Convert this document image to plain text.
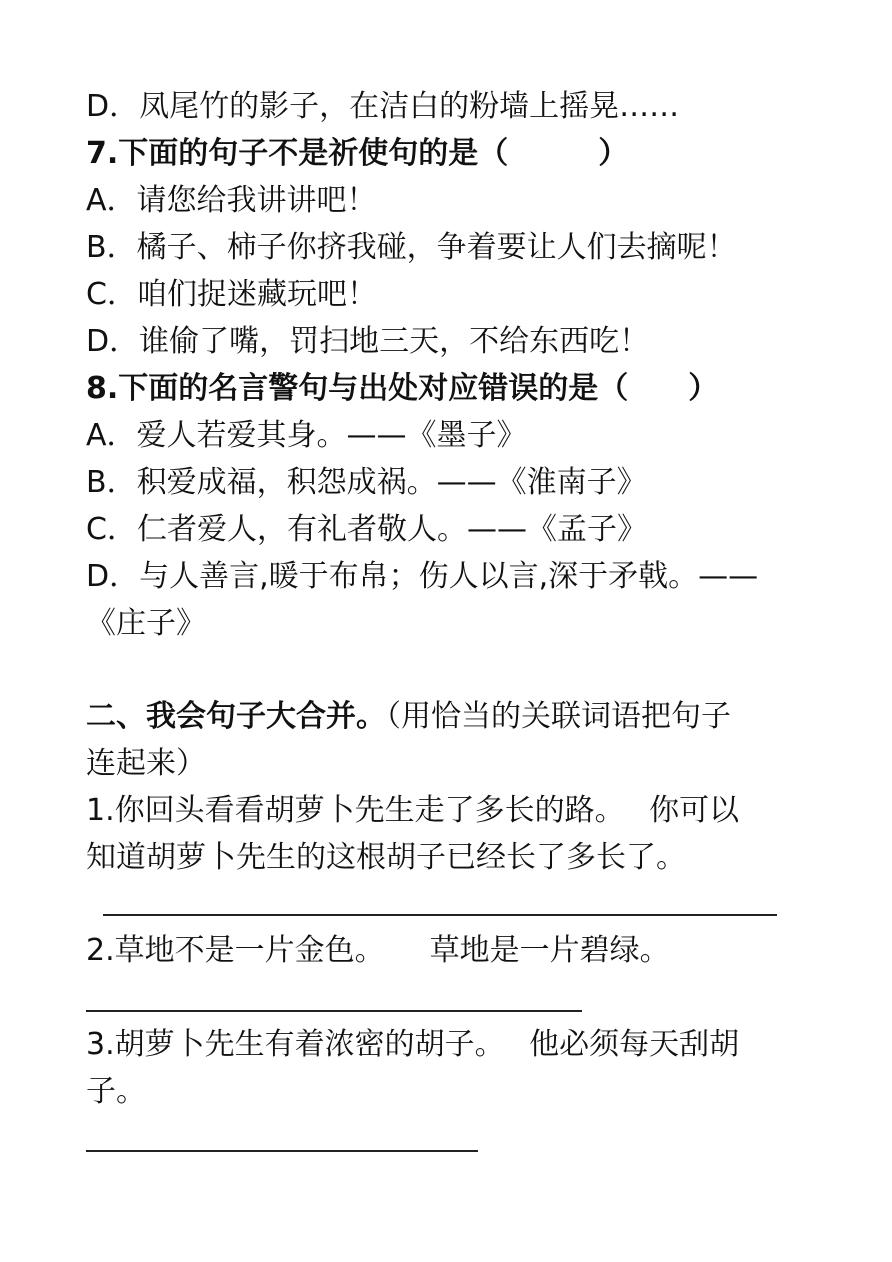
D．凤尾竹的影子，在洁白的粉墙上摇晃……
7.下面的句子不是祈使句的是（　　　）
A．请您给我讲讲吧！
B．橘子、柿子你挤我碰，争着要让人们去摘呢！
C．咱们捉迷藏玩吧！
D．谁偷了嘴，罚扫地三天，不给东西吃！
8.下面的名言警句与出处对应错误的是（　　）
A．爱人若爱其身。——《墨子》
B．积爱成福，积怨成祸。——《淮南子》
C．仁者爱人，有礼者敬人。——《孟子》
D．与人善言,暖于布帛；伤人以言,深于矛戟。——
《庄子》
二、我会句子大合并。（用恰当的关联词语把句子
连起来）
1.你回头看看胡萝卜先生走了多长的路。　 你可以
知道胡萝卜先生的这根胡子已经长了多长了。
2.草地不是一片金色。　　草地是一片碧绿。
3.胡萝卜先生有着浓密的胡子。　 他必须每天刮胡
子。
